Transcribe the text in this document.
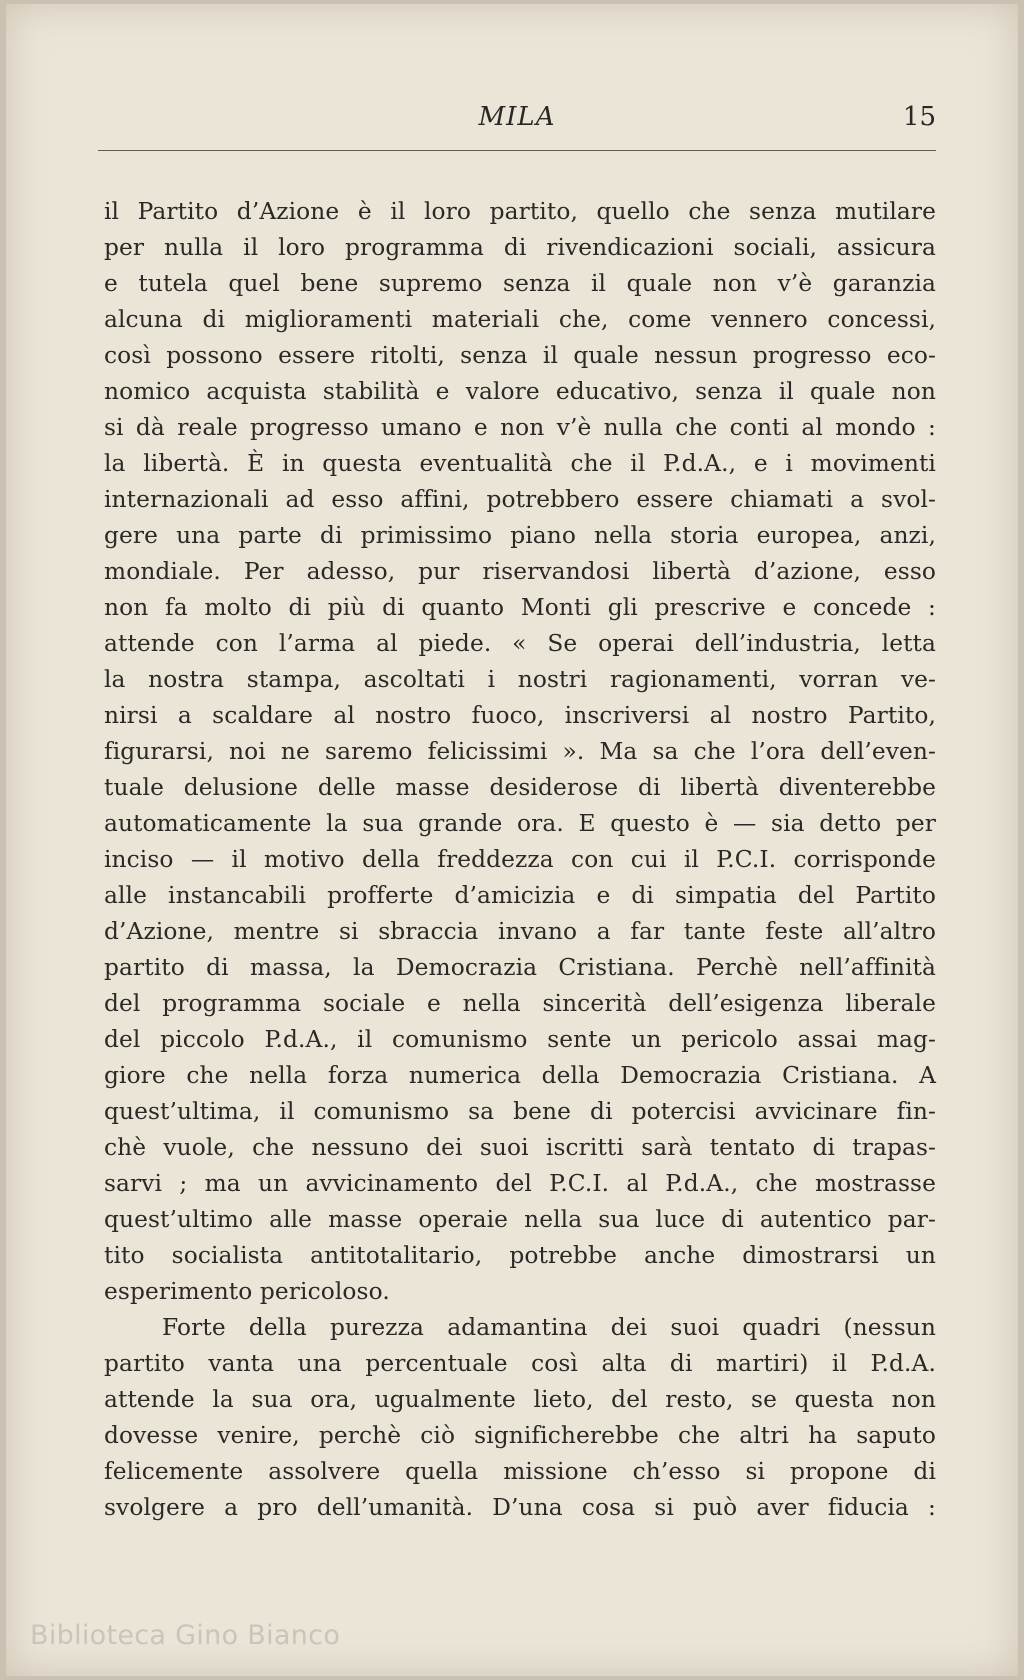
MILA	15
il Partito d’Azione è il loro partito, quello che senza mutilare
per nulla il loro programma di rivendicazioni sociali, assicura
e tutela quel bene supremo senza il quale non v’è garanzia
alcuna di miglioramenti materiali che, come vennero concessi,
così possono essere ritolti, senza il quale nessun progresso eco-
nomico acquista stabilità e valore educativo, senza il quale non
si dà reale progresso umano e non v’è nulla che conti al mondo :
la libertà. È in questa eventualità che il P.d.A., e i movimenti
internazionali ad esso affini, potrebbero essere chiamati a svol-
gere una parte di primissimo piano nella storia europea, anzi,
mondiale. Per adesso, pur riservandosi libertà d’azione, esso
non fa molto di più di quanto Monti gli prescrive e concede :
attende con l’arma al piede. « Se operai dell’industria, letta
la nostra stampa, ascoltati i nostri ragionamenti, vorran ve-
nirsi a scaldare al nostro fuoco, inscriversi al nostro Partito,
figurarsi, noi ne saremo felicissimi ». Ma sa che l’ora dell’even-
tuale delusione delle masse desiderose di libertà diventerebbe
automaticamente la sua grande ora. E questo è — sia detto per
inciso — il motivo della freddezza con cui il P.C.I. corrisponde
alle instancabili profferte d’amicizia e di simpatia del Partito
d’Azione, mentre si sbraccia invano a far tante feste all’altro
partito di massa, la Democrazia Cristiana. Perchè nell’affinità
del programma sociale e nella sincerità dell’esigenza liberale
del piccolo P.d.A., il comunismo sente un pericolo assai mag-
giore che nella forza numerica della Democrazia Cristiana. A
quest’ultima, il comunismo sa bene di potercisi avvicinare fin-
chè vuole, che nessuno dei suoi iscritti sarà tentato di trapas-
sarvi ; ma un avvicinamento del P.C.I. al P.d.A., che mostrasse
quest’ultimo alle masse operaie nella sua luce di autentico par-
tito socialista antitotalitario, potrebbe anche dimostrarsi un
esperimento pericoloso.
Forte della purezza adamantina dei suoi quadri (nessun
partito vanta una percentuale così alta di martiri) il P.d.A.
attende la sua ora, ugualmente lieto, del resto, se questa non
dovesse venire, perchè ciò significherebbe che altri ha saputo
felicemente assolvere quella missione ch’esso si propone di
svolgere a pro dell’umanità. D’una cosa si può aver fiducia :
Biblioteca Gino Bianco
